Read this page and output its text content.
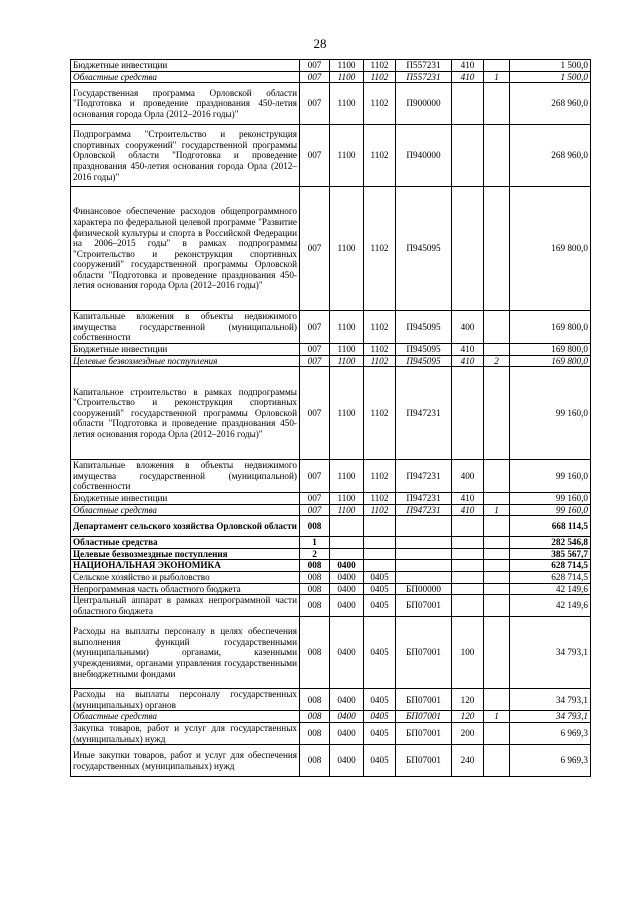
28
Бюджетные инвестиции	007	1100	1102	П557231	410		1 500,0
Областные средства	007	1100	1102	П557231	410	1	1 500,0
Государственная программа Орловской области "Подготовка и проведение празднования 450-летия основания города Орла (2012–2016 годы)"	007	1100	1102	П900000			268 960,0
Подпрограмма "Строительство и реконструкция спортивных сооружений" государственной программы Орловской области "Подготовка и проведение празднования 450-летия основания города Орла (2012–2016 годы)"	007	1100	1102	П940000			268 960,0
Финансовое обеспечение расходов общепрограммного характера по федеральной целевой программе "Развитие физической культуры и спорта в Российской Федерации на 2006–2015 годы" в рамках подпрограммы "Строительство и реконструкция спортивных сооружений" государственной программы Орловской области "Подготовка и проведение празднования 450-летия основания города Орла (2012–2016 годы)"	007	1100	1102	П945095			169 800,0
Капитальные вложения в объекты недвижимого имущества государственной (муниципальной) собственности	007	1100	1102	П945095	400		169 800,0
Бюджетные инвестиции	007	1100	1102	П945095	410		169 800,0
Целевые безвозмездные поступления	007	1100	1102	П945095	410	2	169 800,0
Капитальное строительство в рамках подпрограммы "Строительство и реконструкция спортивных сооружений" государственной программы Орловской области "Подготовка и проведение празднования 450-летия основания города Орла (2012–2016 годы)"	007	1100	1102	П947231			99 160,0
Капитальные вложения в объекты недвижимого имущества государственной (муниципальной) собственности	007	1100	1102	П947231	400		99 160,0
Бюджетные инвестиции	007	1100	1102	П947231	410		99 160,0
Областные средства	007	1100	1102	П947231	410	1	99 160,0
Департамент сельского хозяйства Орловской области	008						668 114,5
Областные средства	1						282 546,8
Целевые безвозмездные поступления	2						385 567,7
НАЦИОНАЛЬНАЯ ЭКОНОМИКА	008	0400					628 714,5
Сельское хозяйство и рыболовство	008	0400	0405				628 714,5
Непрограммная часть областного бюджета	008	0400	0405	БП00000			42 149,6
Центральный аппарат в рамках непрограммной части областного бюджета	008	0400	0405	БП07001			42 149,6
Расходы на выплаты персоналу в целях обеспечения выполнения функций государственными (муниципальными) органами, казенными учреждениями, органами управления государственными внебюджетными фондами	008	0400	0405	БП07001	100		34 793,1
Расходы на выплаты персоналу государственных (муниципальных) органов	008	0400	0405	БП07001	120		34 793,1
Областные средства	008	0400	0405	БП07001	120	1	34 793,1
Закупка товаров, работ и услуг для государственных (муниципальных) нужд	008	0400	0405	БП07001	200		6 969,3
Иные закупки товаров, работ и услуг для обеспечения государственных (муниципальных) нужд	008	0400	0405	БП07001	240		6 969,3
